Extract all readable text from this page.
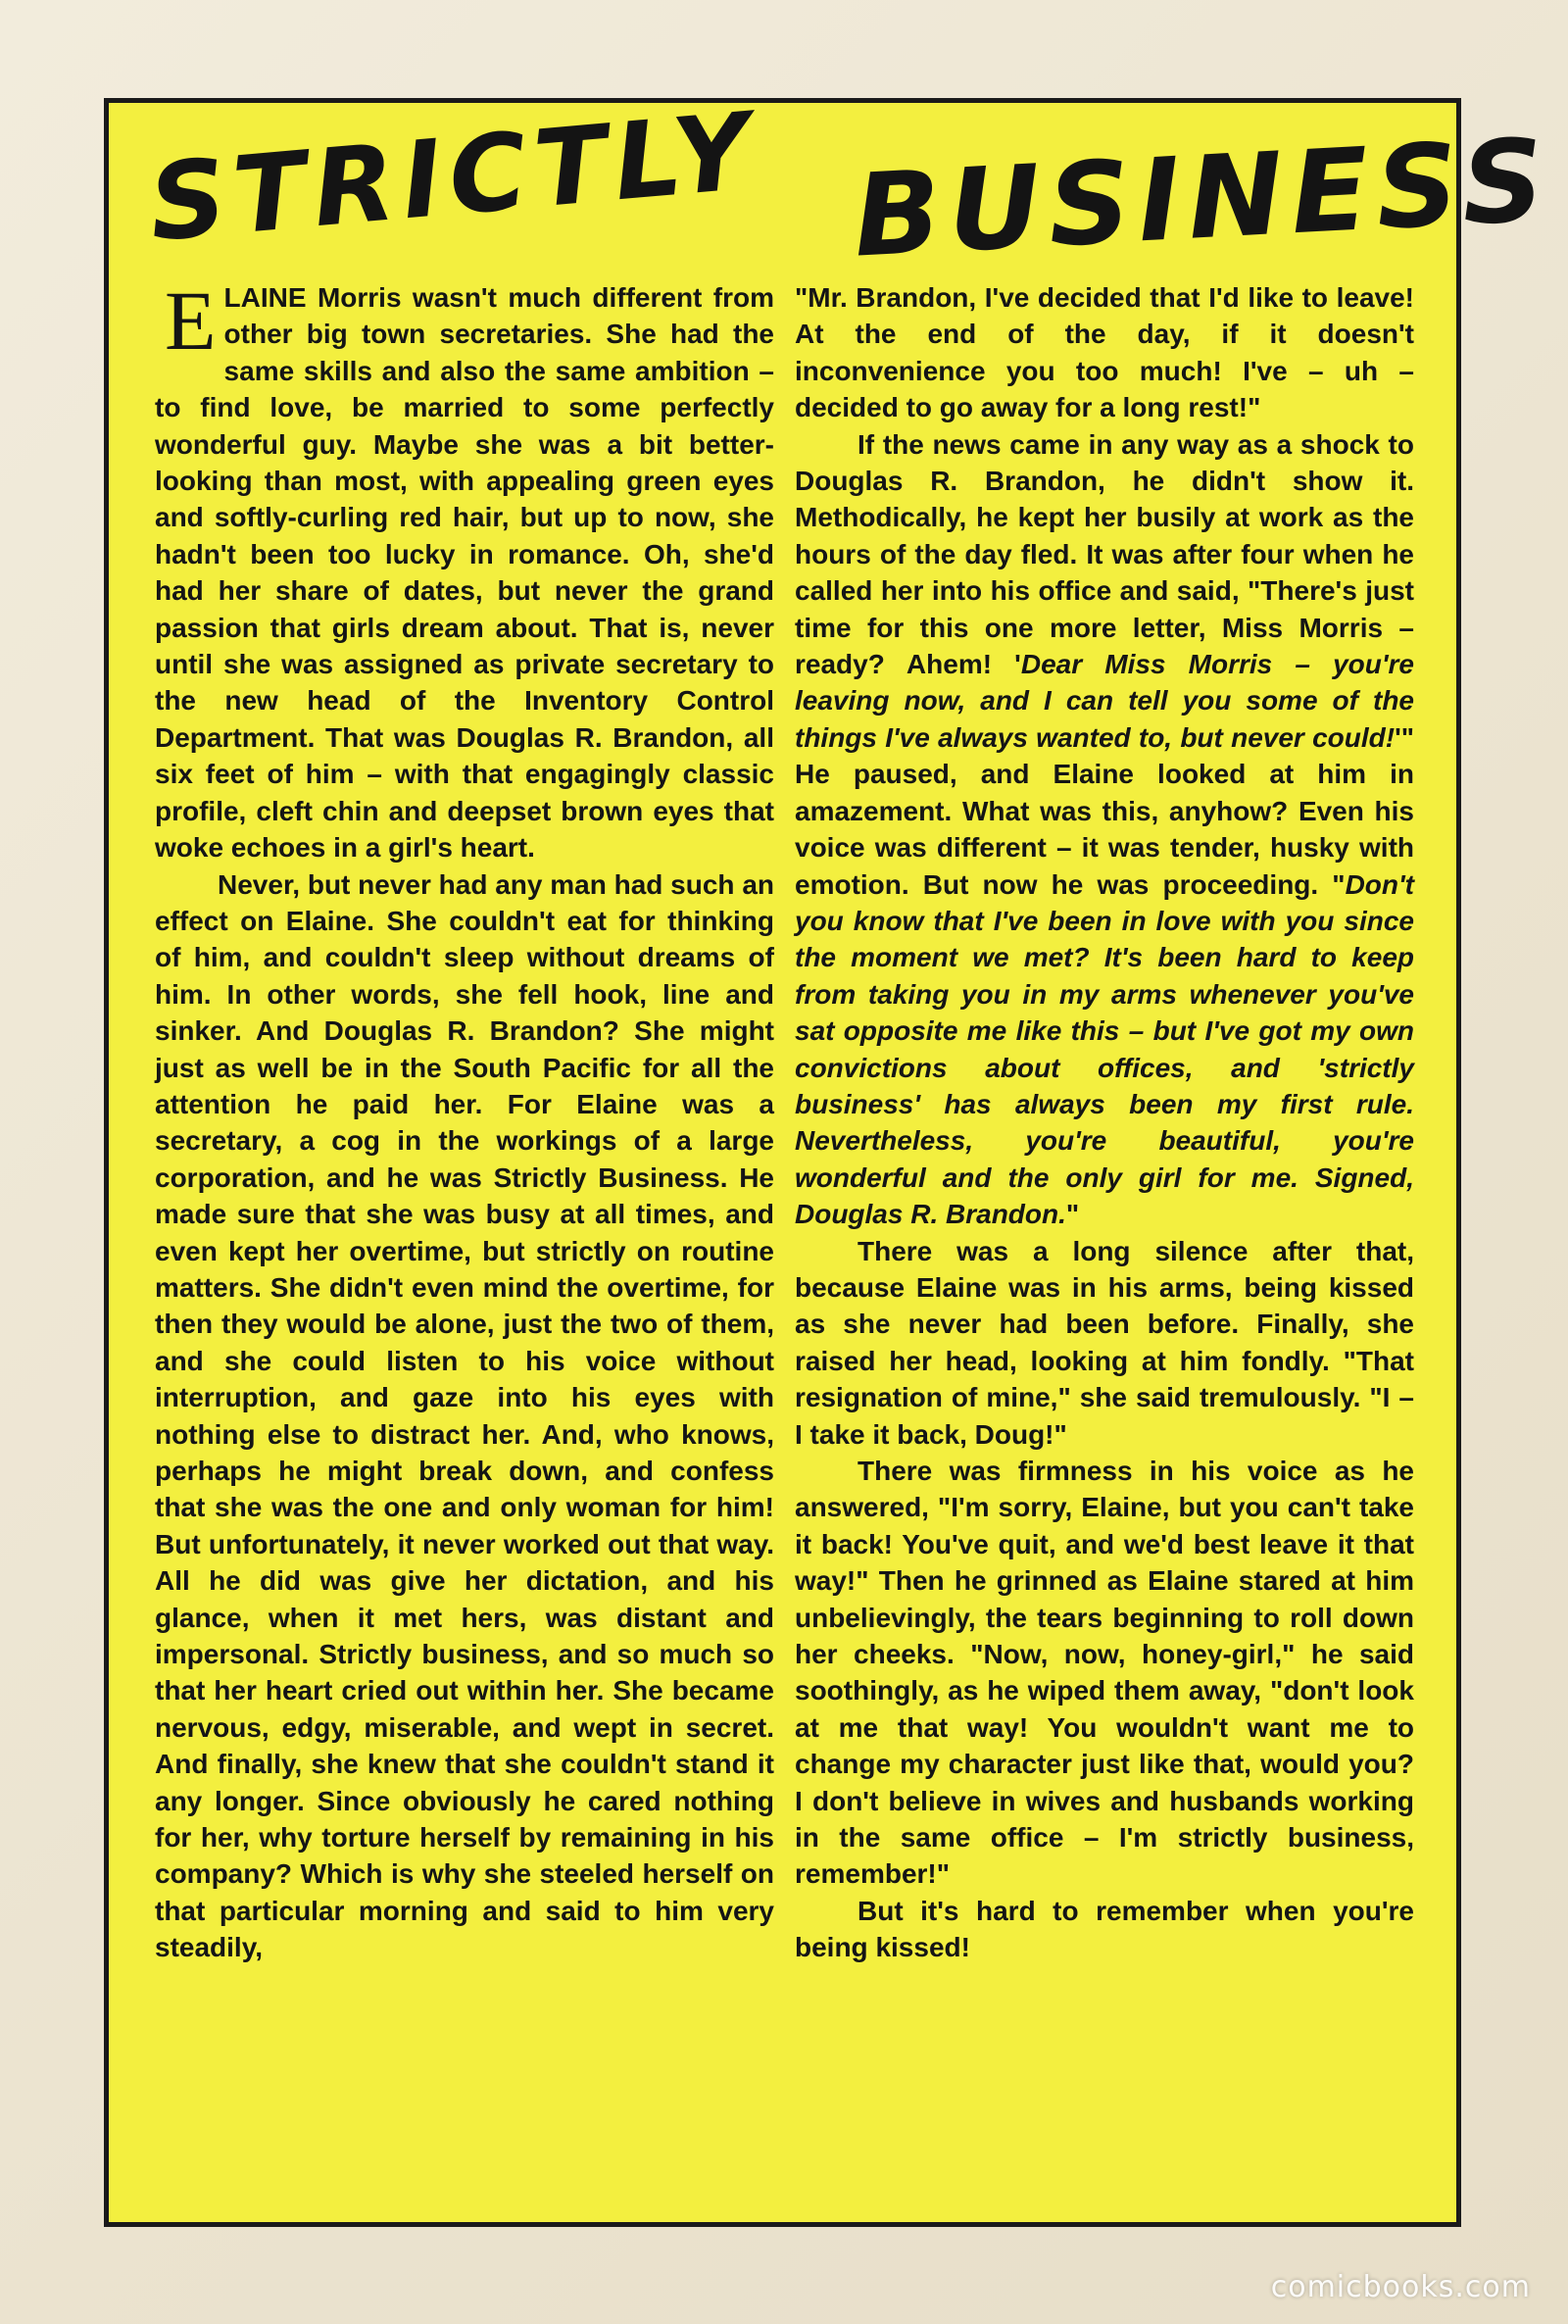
STRICTLY BUSINESS

ELAINE Morris wasn't much different from other big town secretaries. She had the same skills and also the same ambition – to find love, be married to some perfectly wonderful guy. Maybe she was a bit better-looking than most, with appealing green eyes and softly-curling red hair, but up to now, she hadn't been too lucky in romance. Oh, she'd had her share of dates, but never the grand passion that girls dream about. That is, never until she was assigned as private secretary to the new head of the Inventory Control Department. That was Douglas R. Brandon, all six feet of him – with that engagingly classic profile, cleft chin and deepset brown eyes that woke echoes in a girl's heart.

Never, but never had any man had such an effect on Elaine. She couldn't eat for thinking of him, and couldn't sleep without dreams of him. In other words, she fell hook, line and sinker. And Douglas R. Brandon? She might just as well be in the South Pacific for all the attention he paid her. For Elaine was a secretary, a cog in the workings of a large corporation, and he was Strictly Business. He made sure that she was busy at all times, and even kept her overtime, but strictly on routine matters. She didn't even mind the overtime, for then they would be alone, just the two of them, and she could listen to his voice without interruption, and gaze into his eyes with nothing else to distract her. And, who knows, perhaps he might break down, and confess that she was the one and only woman for him! But unfortunately, it never worked out that way. All he did was give her dictation, and his glance, when it met hers, was distant and impersonal. Strictly business, and so much so that her heart cried out within her. She became nervous, edgy, miserable, and wept in secret. And finally, she knew that she couldn't stand it any longer. Since obviously he cared nothing for her, why torture herself by remaining in his company? Which is why she steeled herself on that particular morning and said to him very steadily,

"Mr. Brandon, I've decided that I'd like to leave! At the end of the day, if it doesn't inconvenience you too much! I've – uh – decided to go away for a long rest!"

If the news came in any way as a shock to Douglas R. Brandon, he didn't show it. Methodically, he kept her busily at work as the hours of the day fled. It was after four when he called her into his office and said, "There's just time for this one more letter, Miss Morris – ready? Ahem! 'Dear Miss Morris – you're leaving now, and I can tell you some of the things I've always wanted to, but never could!'" He paused, and Elaine looked at him in amazement. What was this, anyhow? Even his voice was different – it was tender, husky with emotion. But now he was proceeding. "Don't you know that I've been in love with you since the moment we met? It's been hard to keep from taking you in my arms whenever you've sat opposite me like this – but I've got my own convictions about offices, and 'strictly business' has always been my first rule. Nevertheless, you're beautiful, you're wonderful and the only girl for me. Signed, Douglas R. Brandon."

There was a long silence after that, because Elaine was in his arms, being kissed as she never had been before. Finally, she raised her head, looking at him fondly. "That resignation of mine," she said tremulously. "I – I take it back, Doug!"

There was firmness in his voice as he answered, "I'm sorry, Elaine, but you can't take it back! You've quit, and we'd best leave it that way!" Then he grinned as Elaine stared at him unbelievingly, the tears beginning to roll down her cheeks. "Now, now, honey-girl," he said soothingly, as he wiped them away, "don't look at me that way! You wouldn't want me to change my character just like that, would you? I don't believe in wives and husbands working in the same office – I'm strictly business, remember!"

But it's hard to remember when you're being kissed!

comicbooks.com
